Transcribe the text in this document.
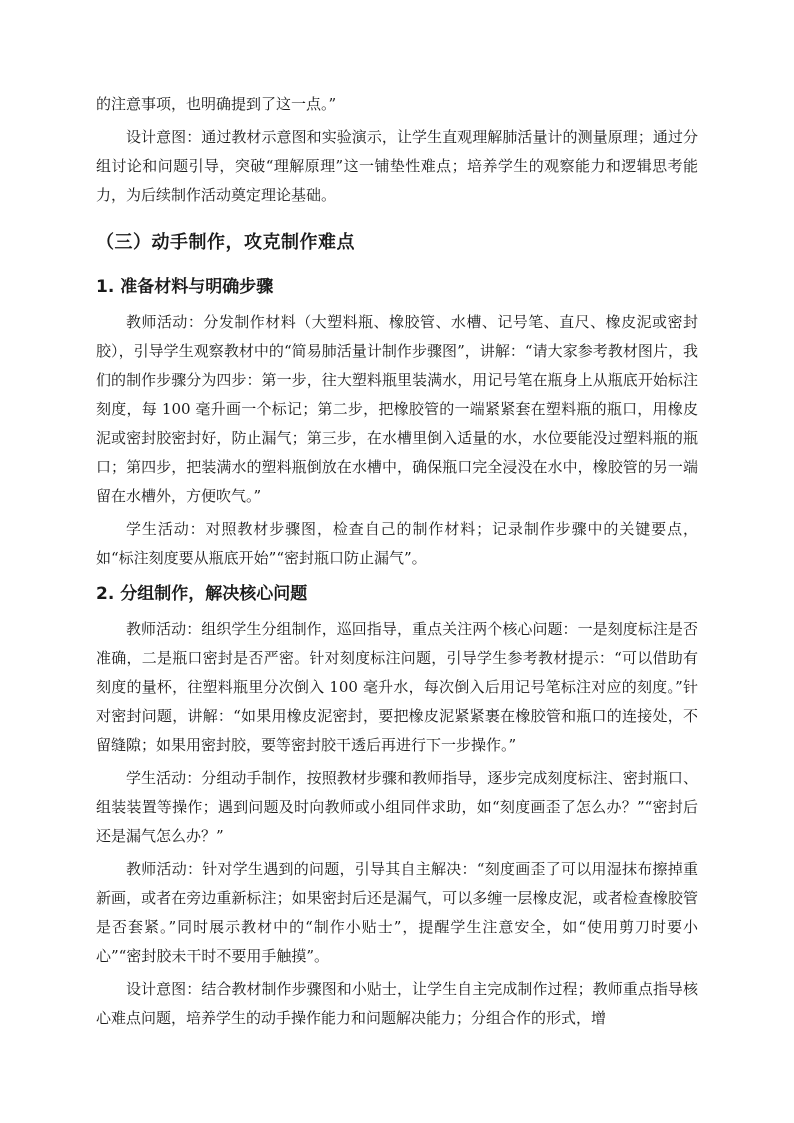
的注意事项，也明确提到了这一点。”

设计意图：通过教材示意图和实验演示，让学生直观理解肺活量计的测量原理；通过分组讨论和问题引导，突破“理解原理”这一铺垫性难点；培养学生的观察能力和逻辑思考能力，为后续制作活动奠定理论基础。

（三）动手制作，攻克制作难点
1. 准备材料与明确步骤

教师活动：分发制作材料（大塑料瓶、橡胶管、水槽、记号笔、直尺、橡皮泥或密封胶），引导学生观察教材中的“简易肺活量计制作步骤图”，讲解：“请大家参考教材图片，我们的制作步骤分为四步：第一步，往大塑料瓶里装满水，用记号笔在瓶身上从瓶底开始标注刻度，每 100 毫升画一个标记；第二步，把橡胶管的一端紧紧套在塑料瓶的瓶口，用橡皮泥或密封胶密封好，防止漏气；第三步，在水槽里倒入适量的水，水位要能没过塑料瓶的瓶口；第四步，把装满水的塑料瓶倒放在水槽中，确保瓶口完全浸没在水中，橡胶管的另一端留在水槽外，方便吹气。”

学生活动：对照教材步骤图，检查自己的制作材料；记录制作步骤中的关键要点，如“标注刻度要从瓶底开始”“密封瓶口防止漏气”。

2. 分组制作，解决核心问题

教师活动：组织学生分组制作，巡回指导，重点关注两个核心问题：一是刻度标注是否准确，二是瓶口密封是否严密。针对刻度标注问题，引导学生参考教材提示：“可以借助有刻度的量杯，往塑料瓶里分次倒入 100 毫升水，每次倒入后用记号笔标注对应的刻度。”针对密封问题，讲解：“如果用橡皮泥密封，要把橡皮泥紧紧裹在橡胶管和瓶口的连接处，不留缝隙；如果用密封胶，要等密封胶干透后再进行下一步操作。”

学生活动：分组动手制作，按照教材步骤和教师指导，逐步完成刻度标注、密封瓶口、组装装置等操作；遇到问题及时向教师或小组同伴求助，如“刻度画歪了怎么办？”“密封后还是漏气怎么办？”

教师活动：针对学生遇到的问题，引导其自主解决：“刻度画歪了可以用湿抹布擦掉重新画，或者在旁边重新标注；如果密封后还是漏气，可以多缠一层橡皮泥，或者检查橡胶管是否套紧。”同时展示教材中的“制作小贴士”，提醒学生注意安全，如“使用剪刀时要小心”“密封胶未干时不要用手触摸”。

设计意图：结合教材制作步骤图和小贴士，让学生自主完成制作过程；教师重点指导核心难点问题，培养学生的动手操作能力和问题解决能力；分组合作的形式，增
